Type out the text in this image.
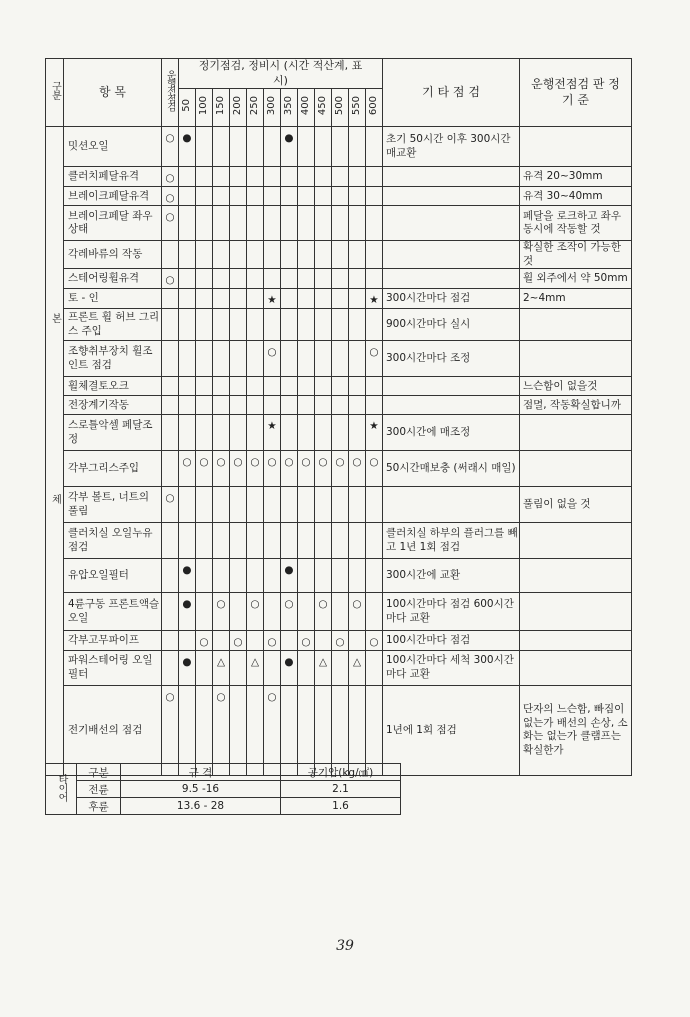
구분	항 목	운행전점검	정기점검, 정비시 (시간 적산계, 표시)												기 타 점 검	운행전점검 판 정 기 준
			50	100	150	200	250	300	350	400	450	500	550	600		
본 체	밋션오일	○	●						●						초기 50시간 이후 300시간매교환	
	클러치페달유격	○														유격 20~30mm
	브레이크페달유격	○														유격 30~40mm
	브레이크페달 좌우상태	○														페달을 로크하고 좌우동시에 작동할 것
	각레바류의 작동															확실한 조작이 가능한 것
	스테어링휠유격	○														휠 외주에서 약 50mm
	토 - 인							★						★	300시간마다 점검	2~4mm
	프론트 휠 허브 그리스 주입														900시간마다 실시	
	조향취부장치 휠조인트 점검							○						○	300시간마다 조정	
	휠체결토오크															느슨함이 없을것
	전장계기작동															점멸, 작동확실합니까
	스로틀악셀 페달조정							★						★	300시간에 매조정	
	각부그리스주입		○	○	○	○	○	○	○	○	○	○	○	○	50시간매보충 (써래시 매일)	
	각부 볼트, 너트의 풀림	○														풀림이 없을 것
	클러치실 오일누유점검														클러치실 하부의 플러그를 빼고 1년 1회 점검	
	유압오일필터		●						●						300시간에 교환	
	4륜구동 프론트액슬오일		●		○		○		○		○		○		100시간마다 점검 600시간마다 교환	
	각부고무파이프			○		○		○		○		○		○	100시간마다 점검	
	파워스테어링 오일필터		●		△		△		●		△		△		100시간마다 세척 300시간마다 교환	
	전기배선의 점검	○			○			○							1년에 1회 점검	단자의 느슨함, 빠짐이 없는가 배선의 손상, 소화는 없는가 클램프는 확실한가
타이어	구분	규 격	공기압(kg/㎠)
	전륜	9.5 -16	2.1
	후륜	13.6 - 28	1.6
39
